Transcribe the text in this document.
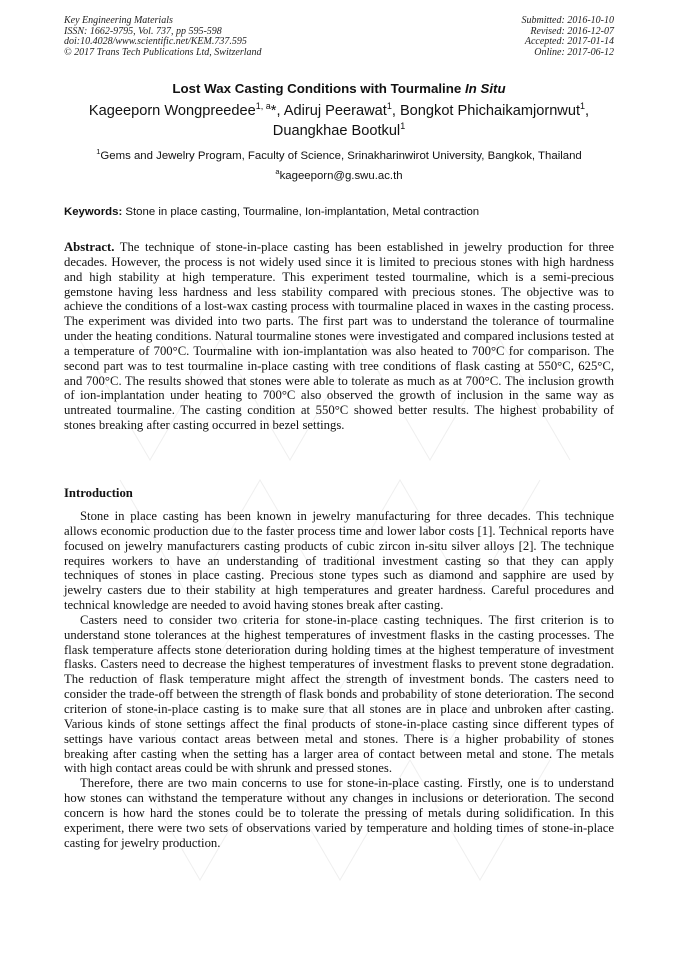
Key Engineering Materials
ISSN: 1662-9795, Vol. 737, pp 595-598
doi:10.4028/www.scientific.net/KEM.737.595
© 2017 Trans Tech Publications Ltd, Switzerland
Submitted: 2016-10-10
Revised: 2016-12-07
Accepted: 2017-01-14
Online: 2017-06-12
Lost Wax Casting Conditions with Tourmaline In Situ
Kageeporn Wongpreedee$^{1, a}$*, Adiruj Peerawat$^1$, Bongkot Phichaikamjornwut$^1$,
Duangkhae Bootkul$^1$
$^1$Gems and Jewelry Program, Faculty of Science, Srinakharinwirot University, Bangkok, Thailand
$^a$kageeporn@g.swu.ac.th
Keywords: Stone in place casting, Tourmaline, Ion-implantation, Metal contraction
Abstract. The technique of stone-in-place casting has been established in jewelry production for three decades. However, the process is not widely used since it is limited to precious stones with high hardness and high stability at high temperature. This experiment tested tourmaline, which is a semi-precious gemstone having less hardness and less stability compared with precious stones. The objective was to achieve the conditions of a lost-wax casting process with tourmaline placed in waxes in the casting process. The experiment was divided into two parts. The first part was to understand the tolerance of tourmaline under the heating conditions. Natural tourmaline stones were investigated and compared inclusions tested at a temperature of 700°C. Tourmaline with ion-implantation was also heated to 700°C for comparison. The second part was to test tourmaline in-place casting with tree conditions of flask casting at 550°C, 625°C, and 700°C. The results showed that stones were able to tolerate as much as at 700°C. The inclusion growth of ion-implantation under heating to 700°C also observed the growth of inclusion in the same way as untreated tourmaline. The casting condition at 550°C showed better results. The highest probability of stones breaking after casting occurred in bezel settings.
Introduction

Stone in place casting has been known in jewelry manufacturing for three decades. This technique allows economic production due to the faster process time and lower labor costs [1]. Technical reports have focused on jewelry manufacturers casting products of cubic zircon in-situ silver alloys [2]. The technique requires workers to have an understanding of traditional investment casting so that they can apply techniques of stones in place casting. Precious stone types such as diamond and sapphire are used by jewelry casters due to their stability at high temperatures and greater hardness. Careful procedures and technical knowledge are needed to avoid having stones break after casting.

Casters need to consider two criteria for stone-in-place casting techniques. The first criterion is to understand stone tolerances at the highest temperatures of investment flasks in the casting processes. The flask temperature affects stone deterioration during holding times at the highest temperature of investment flasks. Casters need to decrease the highest temperatures of investment flasks to prevent stone degradation. The reduction of flask temperature might affect the strength of investment bonds. The casters need to consider the trade-off between the strength of flask bonds and probability of stone deterioration. The second criterion of stone-in-place casting is to make sure that all stones are in place and unbroken after casting. Various kinds of stone settings affect the final products of stone-in-place casting since different types of settings have various contact areas between metal and stones. There is a higher probability of stones breaking after casting when the setting has a larger area of contact between metal and stone. The metals with high contact areas could be with shrunk and pressed stones.

Therefore, there are two main concerns to use for stone-in-place casting. Firstly, one is to understand how stones can withstand the temperature without any changes in inclusions or deterioration. The second concern is how hard the stones could be to tolerate the pressing of metals during solidification. In this experiment, there were two sets of observations varied by temperature and holding times of stone-in-place casting for jewelry production.
